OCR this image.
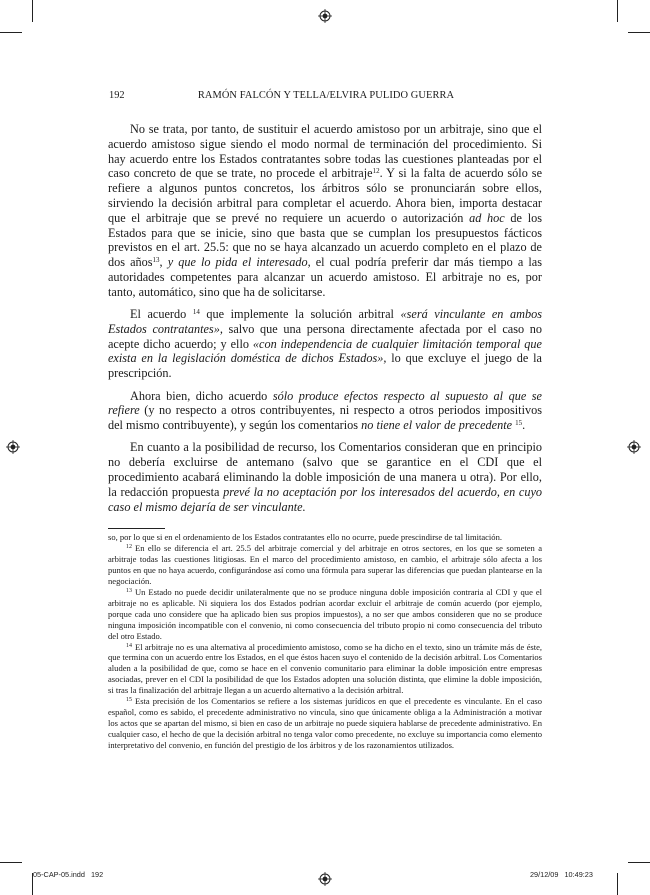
192	RAMÓN FALCÓN Y TELLA/ELVIRA PULIDO GUERRA

No se trata, por tanto, de sustituir el acuerdo amistoso por un arbitraje, sino que el acuerdo amistoso sigue siendo el modo normal de terminación del procedimiento. Si hay acuerdo entre los Estados contratantes sobre todas las cuestiones planteadas por el caso concreto de que se trate, no procede el arbitraje$^{12}$. Y si la falta de acuerdo sólo se refiere a algunos puntos concretos, los árbitros sólo se pronunciarán sobre ellos, sirviendo la decisión arbitral para completar el acuerdo. Ahora bien, importa destacar que el arbitraje que se prevé no requiere un acuerdo o autorización ad hoc de los Estados para que se inicie, sino que basta que se cumplan los presupuestos fácticos previstos en el art. 25.5: que no se haya alcanzado un acuerdo completo en el plazo de dos años$^{13}$, y que lo pida el interesado, el cual podría preferir dar más tiempo a las autoridades competentes para alcanzar un acuerdo amistoso. El arbitraje no es, por tanto, automático, sino que ha de solicitarse.

El acuerdo $^{14}$ que implemente la solución arbitral «será vinculante en ambos Estados contratantes», salvo que una persona directamente afectada por el caso no acepte dicho acuerdo; y ello «con independencia de cualquier limitación temporal que exista en la legislación doméstica de dichos Estados», lo que excluye el juego de la prescripción.

Ahora bien, dicho acuerdo sólo produce efectos respecto al supuesto al que se refiere (y no respecto a otros contribuyentes, ni respecto a otros periodos impositivos del mismo contribuyente), y según los comentarios no tiene el valor de precedente $^{15}$.

En cuanto a la posibilidad de recurso, los Comentarios consideran que en principio no debería excluirse de antemano (salvo que se garantice en el CDI que el procedimiento acabará eliminando la doble imposición de una manera u otra). Por ello, la redacción propuesta prevé la no aceptación por los interesados del acuerdo, en cuyo caso el mismo dejaría de ser vinculante.

so, por lo que si en el ordenamiento de los Estados contratantes ello no ocurre, puede prescindirse de tal limitación.

$^{12}$ En ello se diferencia el art. 25.5 del arbitraje comercial y del arbitraje en otros sectores, en los que se someten a arbitraje todas las cuestiones litigiosas. En el marco del procedimiento amistoso, en cambio, el arbitraje sólo afecta a los puntos en que no haya acuerdo, configurándose así como una fórmula para superar las diferencias que puedan plantearse en la negociación.

$^{13}$ Un Estado no puede decidir unilateralmente que no se produce ninguna doble imposición contraria al CDI y que el arbitraje no es aplicable. Ni siquiera los dos Estados podrían acordar excluir el arbitraje de común acuerdo (por ejemplo, porque cada uno considere que ha aplicado bien sus propios impuestos), a no ser que ambos consideren que no se produce ninguna imposición incompatible con el convenio, ni como consecuencia del tributo propio ni como consecuencia del tributo del otro Estado.

$^{14}$ El arbitraje no es una alternativa al procedimiento amistoso, como se ha dicho en el texto, sino un trámite más de éste, que termina con un acuerdo entre los Estados, en el que éstos hacen suyo el contenido de la decisión arbitral. Los Comentarios aluden a la posibilidad de que, como se hace en el convenio comunitario para eliminar la doble imposición entre empresas asociadas, prever en el CDI la posibilidad de que los Estados adopten una solución distinta, que elimine la doble imposición, si tras la finalización del arbitraje llegan a un acuerdo alternativo a la decisión arbitral.

$^{15}$ Esta precisión de los Comentarios se refiere a los sistemas jurídicos en que el precedente es vinculante. En el caso español, como es sabido, el precedente administrativo no vincula, sino que únicamente obliga a la Administración a motivar los actos que se apartan del mismo, si bien en caso de un arbitraje no puede siquiera hablarse de precedente administrativo. En cualquier caso, el hecho de que la decisión arbitral no tenga valor como precedente, no excluye su importancia como elemento interpretativo del convenio, en función del prestigio de los árbitros y de los razonamientos utilizados.

05-CAP-05.indd   192	29/12/09   10:49:23
